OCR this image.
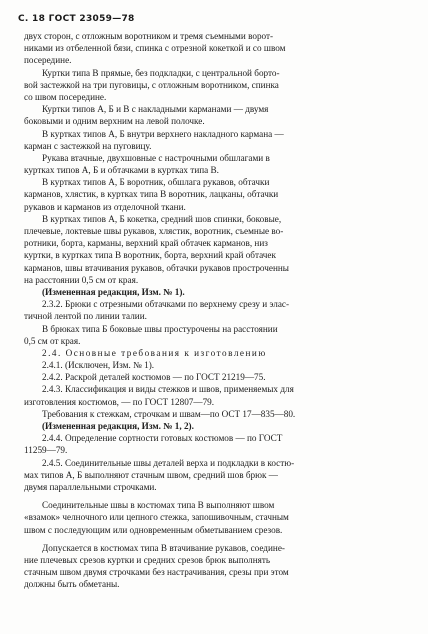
С. 18 ГОСТ 23059—78
двух сторон, с отложным воротником и тремя съемными ворот-
никами из отбеленной бязи, спинка с отрезной кокеткой и со швом
посередине.
Куртки типа В прямые, без подкладки, с центральной борто-
вой застежкой на три пуговицы, с отложным воротником, спинка
со швом посередине.
Куртки типов А, Б и В с накладными карманами — двумя
боковыми и одним верхним на левой полочке.
В куртках типов А, Б внутри верхнего накладного кармана —
карман с застежкой на пуговицу.
Рукава втачные, двухшовные с настрочными обшлагами в
куртках типов А, Б и обтачками в куртках типа В.
В куртках типов А, Б воротник, обшлага рукавов, обтачки
карманов, хлястик, в куртках типа В воротник, лацканы, обтачки
рукавов и карманов из отделочной ткани.
В куртках типов А, Б кокетка, средний шов спинки, боковые,
плечевые, локтевые швы рукавов, хлястик, воротник, съемные во-
ротники, борта, карманы, верхний край обтачек карманов, низ
куртки, в куртках типа В воротник, борта, верхний край обтачек
карманов, швы втачивания рукавов, обтачки рукавов простроченны
на расстоянии 0,5 см от края.
(Измененная редакция, Изм. № 1).
2.3.2. Брюки с отрезными обтачками по верхнему срезу и элас-
тичной лентой по линии талии.
В брюках типа Б боковые швы простурочены на расстоянии
0,5 см от края.
2.4. Основные требования к изготовлению
2.4.1. (Исключен, Изм. № 1).
2.4.2. Раскрой деталей костюмов — по ГОСТ 21219—75.
2.4.3. Классификация и виды стежков и швов, применяемых для
изготовления костюмов, — по ГОСТ 12807—79.
Требования к стежкам, строчкам и швам—по ОСТ 17—835—80.
(Измененная редакция, Изм. № 1, 2).
2.4.4. Определение сортности готовых костюмов — по ГОСТ
11259—79.
2.4.5. Соединительные швы деталей верха и подкладки в костю-
мах типов А, Б выполняют стачным швом, средний шов брюк —
двумя параллельными строчками.
Соединительные швы в костюмах типа В выполняют швом
«взамок» челночного или цепного стежка, запошивочным, стачным
швом с последующим или одновременным обметыванием срезов.
Допускается в костюмах типа В втачивание рукавов, соедине-
ние плечевых срезов куртки и средних срезов брюк выполнять
стачным швом двумя строчками без настрачивания, срезы при этом
должны быть обметаны.
